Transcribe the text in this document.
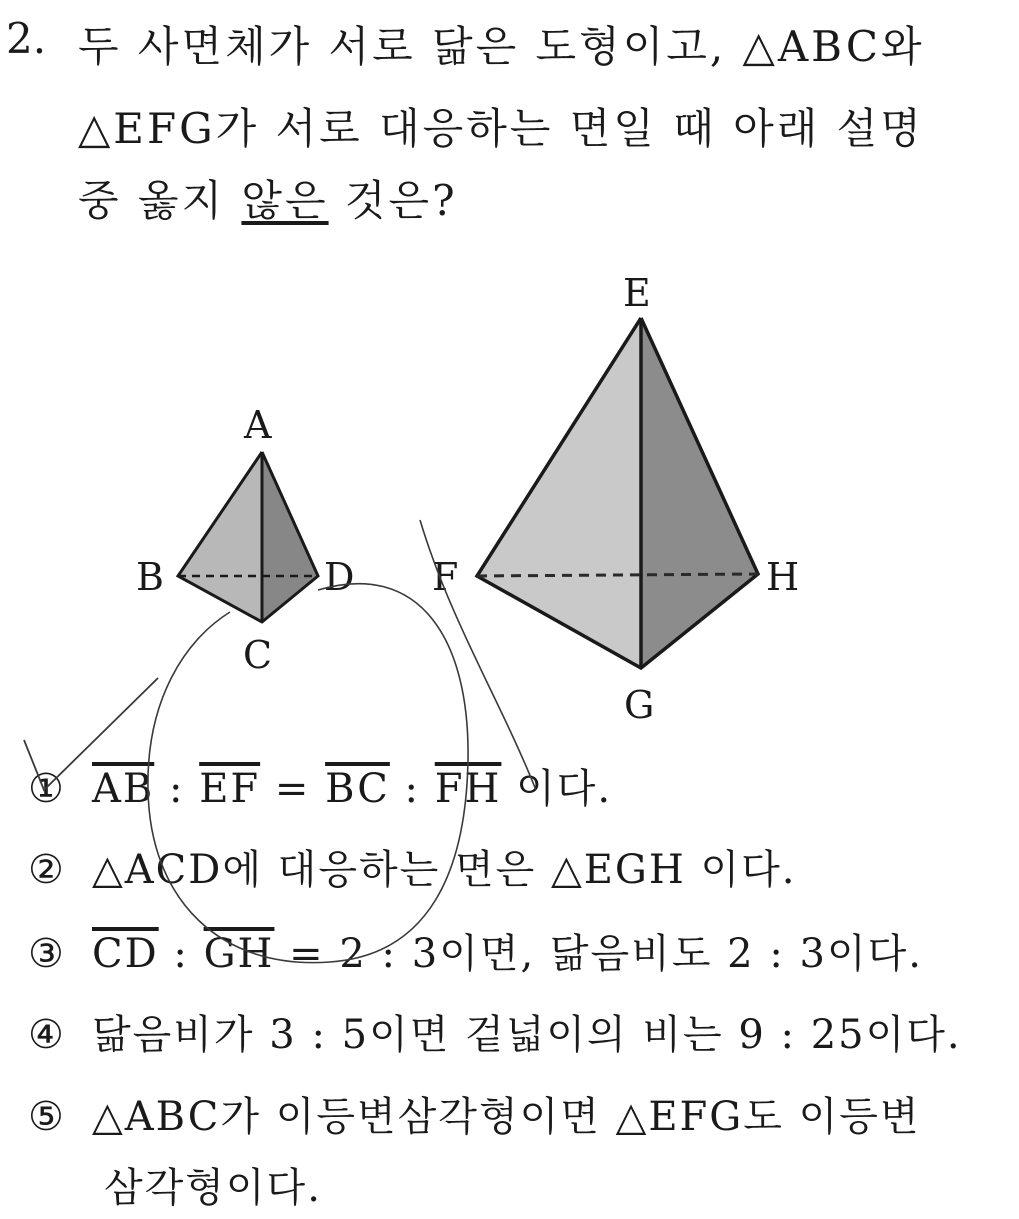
2. 두 사면체가 서로 닮은 도형이고, △ABC와
△EFG가 서로 대응하는 면일 때 아래 설명
중 옳지 않은 것은?
A
B
C
D
E
F
G
H
① $\overline{AB}$ : $\overline{EF} = \overline{BC}$ : $\overline{FH}$ 이다.
② △ACD에 대응하는 면은 △EGH 이다.
③ $\overline{CD}$ : $\overline{GH} = 2$ : 3이면, 닮음비도 2 : 3이다.
④ 닮음비가 3 : 5이면 겉넓이의 비는 9 : 25이다.
⑤ △ABC가 이등변삼각형이면 △EFG도 이등변
삼각형이다.
